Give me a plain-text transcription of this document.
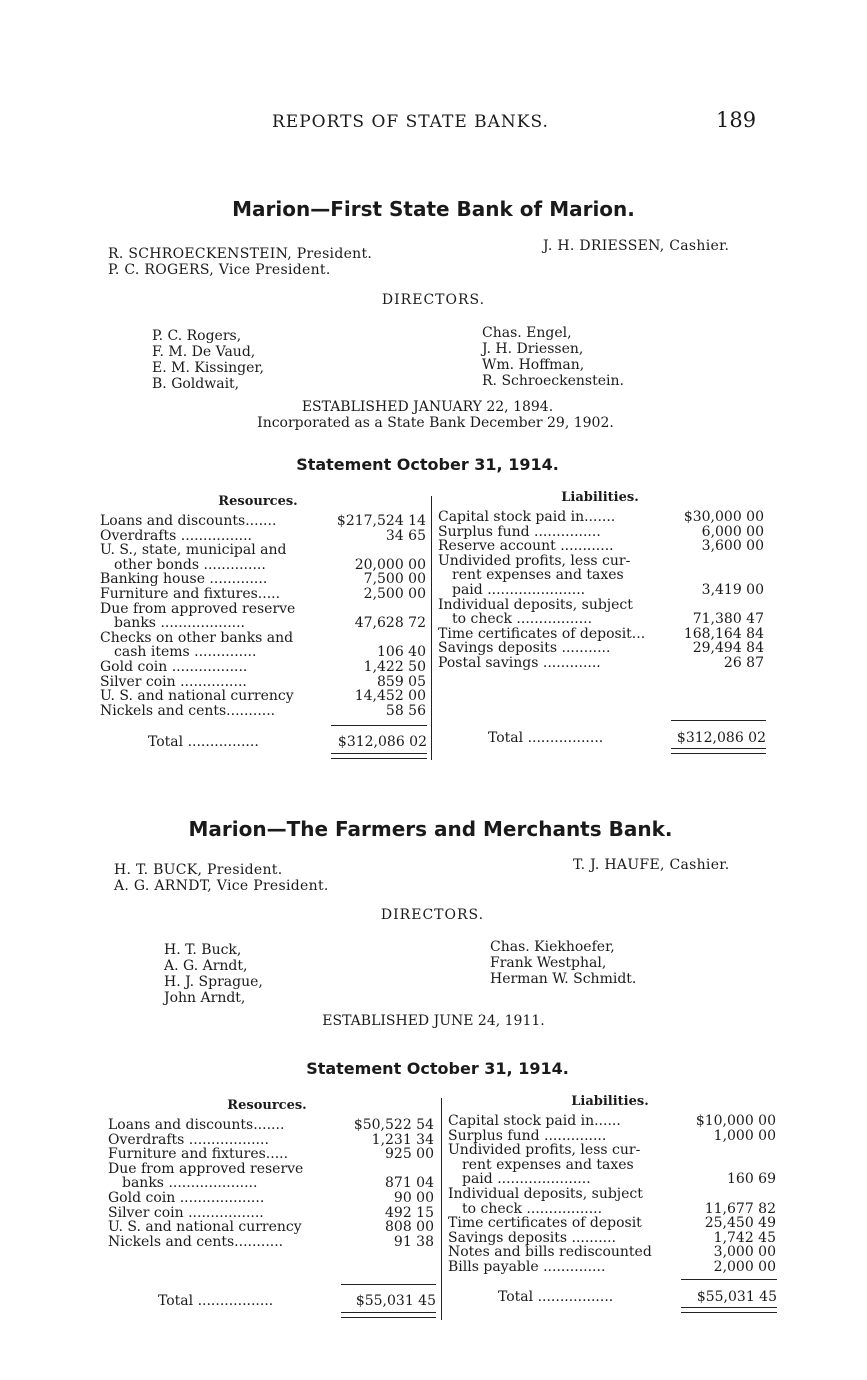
REPORTS OF STATE BANKS.	189
Marion—First State Bank of Marion.
R. SCHROECKENSTEIN, President.
P. C. ROGERS, Vice President.
J. H. DRIESSEN, Cashier.
DIRECTORS.
P. C. Rogers,
F. M. De Vaud,
E. M. Kissinger,
B. Goldwait,
Chas. Engel,
J. H. Driessen,
Wm. Hoffman,
R. Schroeckenstein.
ESTABLISHED JANUARY 22, 1894.
Incorporated as a State Bank December 29, 1902.
Statement October 31, 1914.
Resources.
Loans and discounts.......	$217,524 14
Overdrafts ................	34 65
U. S., state, municipal and
other bonds ..............	20,000 00
Banking house .............	7,500 00
Furniture and fixtures.....	2,500 00
Due from approved reserve
banks ...................	47,628 72
Checks on other banks and
cash items ..............	106 40
Gold coin .................	1,422 50
Silver coin ...............	859 05
U. S. and national currency	14,452 00
Nickels and cents...........	58 56
Total ................	$312,086 02
Liabilities.
Capital stock paid in.......	$30,000 00
Surplus fund ...............	6,000 00
Reserve account ............	3,600 00
Undivided profits, less cur-
rent expenses and taxes
paid ......................	3,419 00
Individual deposits, subject
to check .................	71,380 47
Time certificates of deposit...	168,164 84
Savings deposits ...........	29,494 84
Postal savings .............	26 87
Total .................	$312,086 02
Marion—The Farmers and Merchants Bank.
H. T. BUCK, President.
A. G. ARNDT, Vice President.
T. J. HAUFE, Cashier.
DIRECTORS.
H. T. Buck,
A. G. Arndt,
H. J. Sprague,
John Arndt,
Chas. Kiekhoefer,
Frank Westphal,
Herman W. Schmidt.
ESTABLISHED JUNE 24, 1911.
Statement October 31, 1914.
Resources.
Loans and discounts.......	$50,522 54
Overdrafts ..................	1,231 34
Furniture and fixtures.....	925 00
Due from approved reserve
banks ....................	871 04
Gold coin ...................	90 00
Silver coin .................	492 15
U. S. and national currency	808 00
Nickels and cents...........	91 38
Total .................	$55,031 45
Liabilities.
Capital stock paid in......	$10,000 00
Surplus fund ..............	1,000 00
Undivided profits, less cur-
rent expenses and taxes
paid .....................	160 69
Individual deposits, subject
to check .................	11,677 82
Time certificates of deposit	25,450 49
Savings deposits ..........	1,742 45
Notes and bills rediscounted	3,000 00
Bills payable ..............	2,000 00
Total .................	$55,031 45
